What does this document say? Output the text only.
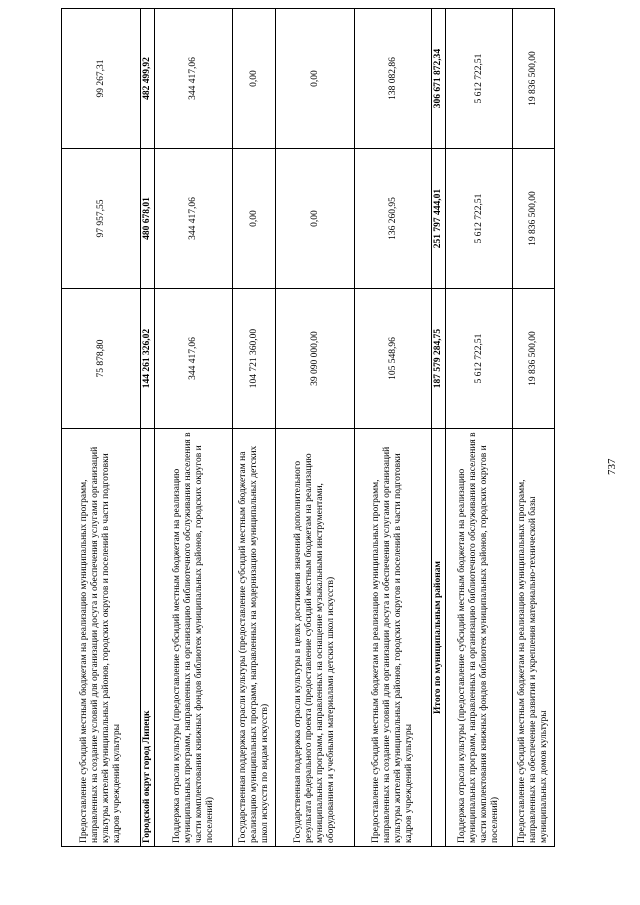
737
Предоставление субсидий местным бюджетам на реализацию муниципальных программ, направленных на создание условий для организации досуга и обеспечения услугами организаций культуры жителей муниципальных районов, городских округов и поселений в части подготовки кадров учреждений культуры	75 878,80	97 957,55	99 267,31
Городской округ город Липецк	144 261 326,02	480 678,01	482 499,92
Поддержка отрасли культуры (предоставление субсидий местным бюджетам на реализацию муниципальных программ, направленных на организацию библиотечного обслуживания населения в части комплектования книжных фондов библиотек муниципальных районов, городских округов и поселений)	344 417,06	344 417,06	344 417,06
Государственная поддержка отрасли культуры (предоставление субсидий местным бюджетам на реализацию муниципальных программ, направленных на модернизацию муниципальных детских школ искусств по видам искусств)	104 721 360,00	0,00	0,00
Государственная поддержка отрасли культуры в целях достижения значений дополнительного результата федерального проекта (предоставление субсидий местным бюджетам на реализацию муниципальных программ, направленных на оснащение музыкальными инструментами, оборудованием и учебными материалами детских школ искусств)	39 090 000,00	0,00	0,00
Предоставление субсидий местным бюджетам на реализацию муниципальных программ, направленных на создание условий для организации досуга и обеспечения услугами организаций культуры жителей муниципальных районов, городских округов и поселений в части подготовки кадров учреждений культуры	105 548,96	136 260,95	138 082,86
Итого по муниципальным районам	187 579 284,75	251 797 444,01	306 671 872,34
Поддержка отрасли культуры (предоставление субсидий местным бюджетам на реализацию муниципальных программ, направленных на организацию библиотечного обслуживания населения в части комплектования книжных фондов библиотек муниципальных районов, городских округов и поселений)	5 612 722,51	5 612 722,51	5 612 722,51
Предоставление субсидий местным бюджетам на реализацию муниципальных программ, направленных на обеспечение развития и укрепления материально-технической базы муниципальных домов культуры	19 836 500,00	19 836 500,00	19 836 500,00
